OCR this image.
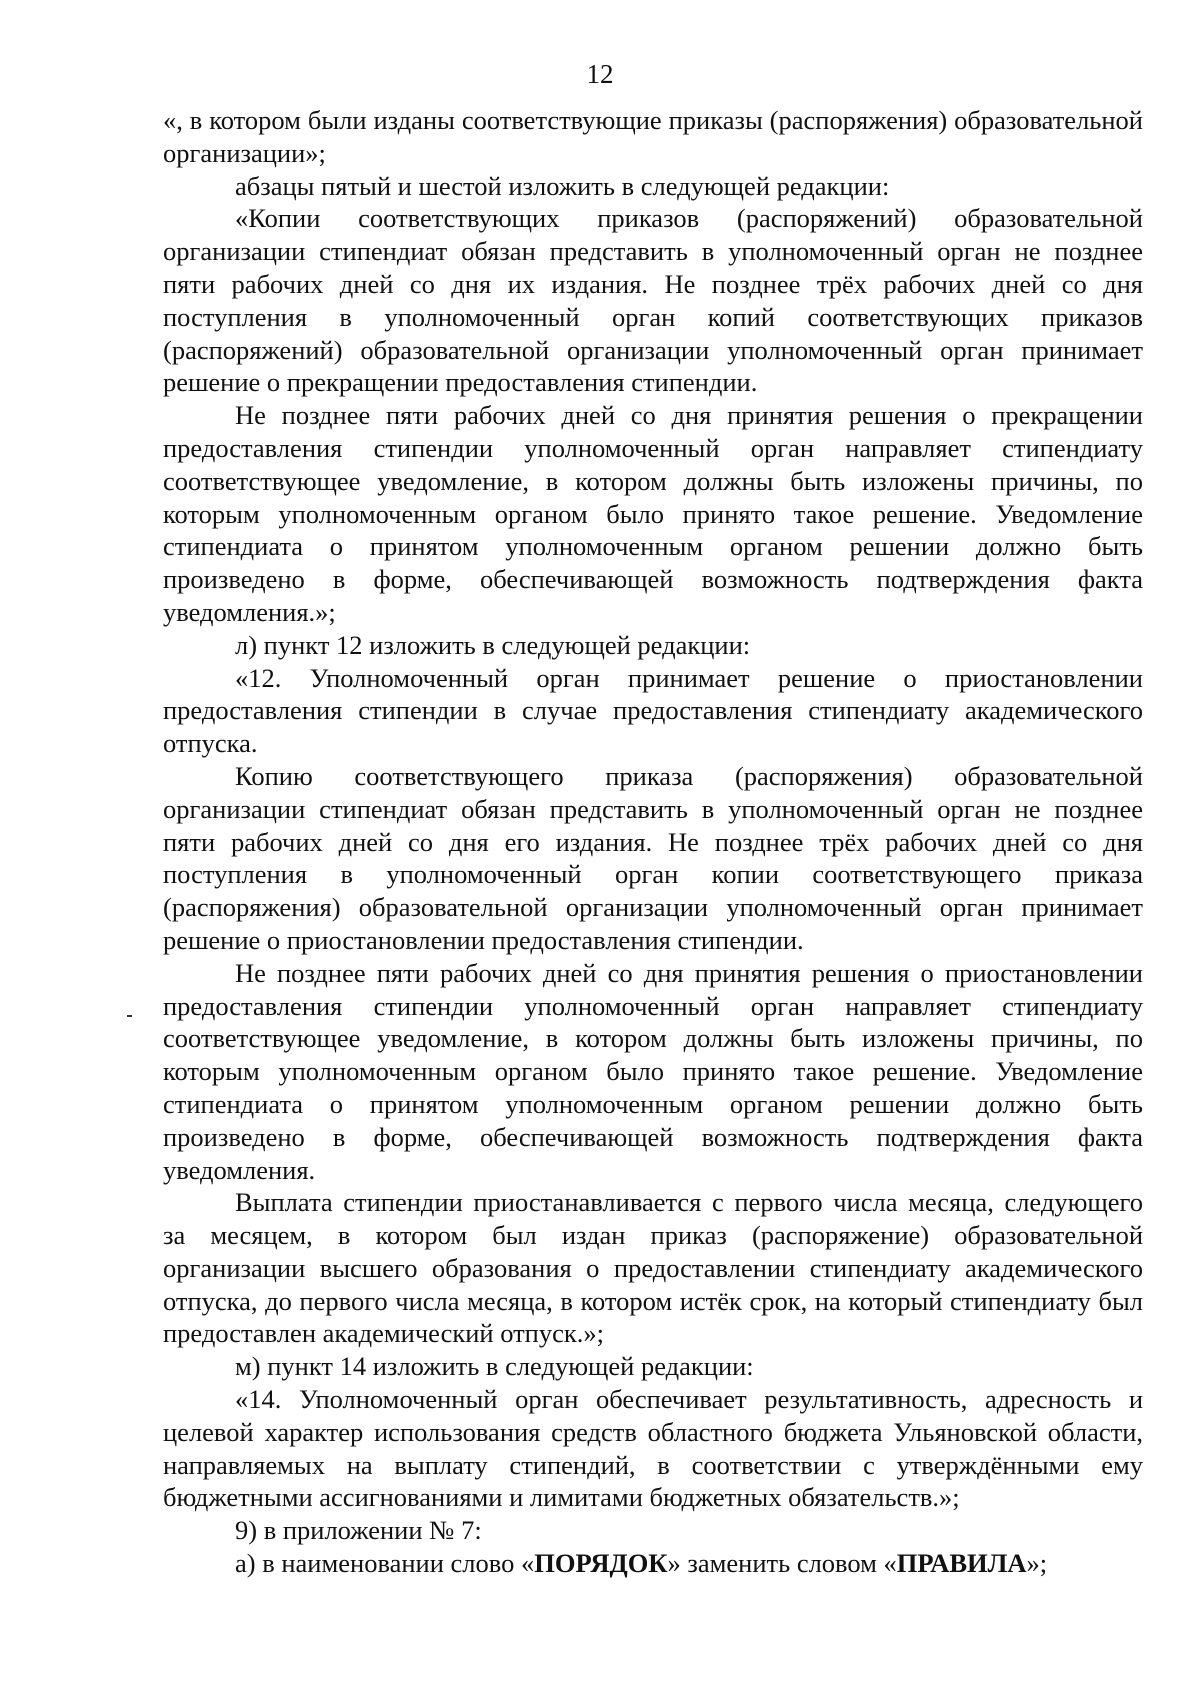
12

«, в котором были изданы соответствующие приказы (распоряжения) образовательной организации»;

абзацы пятый и шестой изложить в следующей редакции:

«Копии соответствующих приказов (распоряжений) образовательной организации стипендиат обязан представить в уполномоченный орган не позднее пяти рабочих дней со дня их издания. Не позднее трёх рабочих дней со дня поступления в уполномоченный орган копий соответствующих приказов (распоряжений) образовательной организации уполномоченный орган принимает решение о прекращении предоставления стипендии.

Не позднее пяти рабочих дней со дня принятия решения о прекращении предоставления стипендии уполномоченный орган направляет стипендиату соответствующее уведомление, в котором должны быть изложены причины, по которым уполномоченным органом было принято такое решение. Уведомление стипендиата о принятом уполномоченным органом решении должно быть произведено в форме, обеспечивающей возможность подтверждения факта уведомления.»;

л) пункт 12 изложить в следующей редакции:

«12. Уполномоченный орган принимает решение о приостановлении предоставления стипендии в случае предоставления стипендиату академического отпуска.

Копию соответствующего приказа (распоряжения) образовательной организации стипендиат обязан представить в уполномоченный орган не позднее пяти рабочих дней со дня его издания. Не позднее трёх рабочих дней со дня поступления в уполномоченный орган копии соответствующего приказа (распоряжения) образовательной организации уполномоченный орган принимает решение о приостановлении предоставления стипендии.

Не позднее пяти рабочих дней со дня принятия решения о приостановлении предоставления стипендии уполномоченный орган направляет стипендиату соответствующее уведомление, в котором должны быть изложены причины, по которым уполномоченным органом было принято такое решение. Уведомление стипендиата о принятом уполномоченным органом решении должно быть произведено в форме, обеспечивающей возможность подтверждения факта уведомления.

Выплата стипендии приостанавливается с первого числа месяца, следующего за месяцем, в котором был издан приказ (распоряжение) образовательной организации высшего образования о предоставлении стипендиату академического отпуска, до первого числа месяца, в котором истёк срок, на который стипендиату был предоставлен академический отпуск.»;

м) пункт 14 изложить в следующей редакции:

«14. Уполномоченный орган обеспечивает результативность, адресность и целевой характер использования средств областного бюджета Ульяновской области, направляемых на выплату стипендий, в соответствии с утверждёнными ему бюджетными ассигнованиями и лимитами бюджетных обязательств.»;

9) в приложении № 7:

а) в наименовании слово «ПОРЯДОК» заменить словом «ПРАВИЛА»;
